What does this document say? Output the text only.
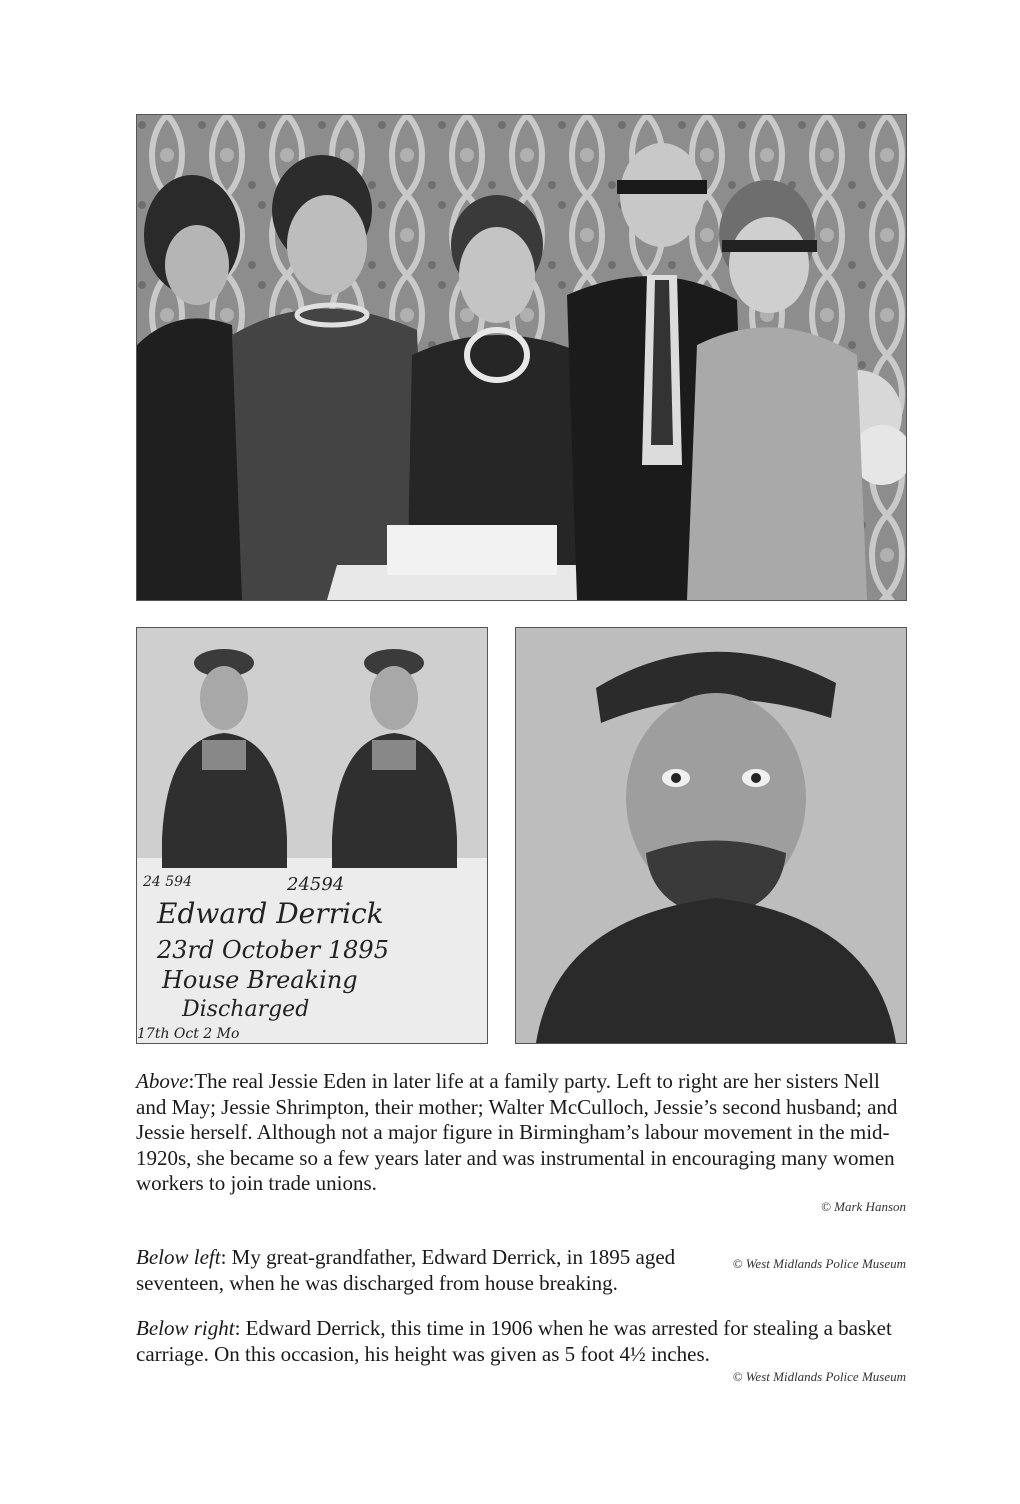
24 594	24594
Edward Derrick
23rd October 1895
House Breaking
Discharged
17th Oct 2 Mo

Above:The real Jessie Eden in later life at a family party. Left to right are her sisters Nell and May; Jessie Shrimpton, their mother; Walter McCulloch, Jessie’s second husband; and Jessie herself. Although not a major figure in Birmingham’s labour movement in the mid-1920s, she became so a few years later and was instrumental in encouraging many women workers to join trade unions.

© Mark Hanson

© West Midlands Police Museum
Below left: My great-grandfather, Edward Derrick, in 1895 aged seventeen, when he was discharged from house breaking.

Below right: Edward Derrick, this time in 1906 when he was arrested for stealing a basket carriage. On this occasion, his height was given as 5 foot 4½ inches.

© West Midlands Police Museum
